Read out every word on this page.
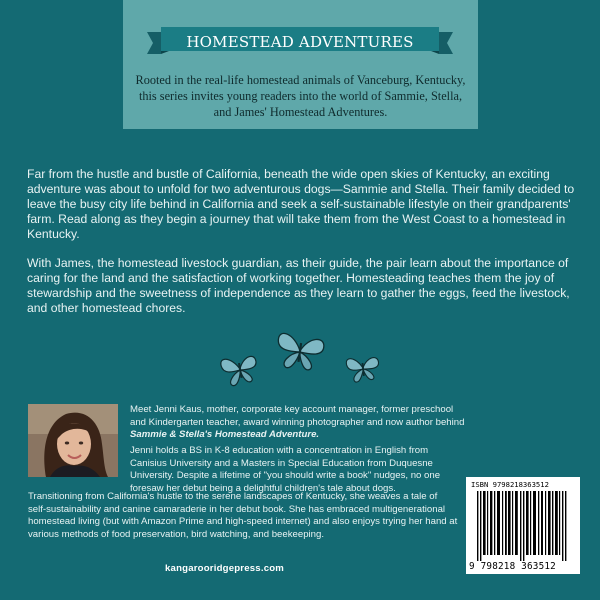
HOMESTEAD ADVENTURES
Rooted in the real-life homestead animals of Vanceburg, Kentucky, this series invites young readers into the world of Sammie, Stella, and James' Homestead Adventures.
Far from the hustle and bustle of California, beneath the wide open skies of Kentucky, an exciting adventure was about to unfold for two adventurous dogs—Sammie and Stella. Their family decided to leave the busy city life behind in California and seek a self-sustainable lifestyle on their grandparents' farm. Read along as they begin a journey that will take them from the West Coast to a homestead in Kentucky.
With James, the homestead livestock guardian, as their guide, the pair learn about the importance of caring for the land and the satisfaction of working together. Homesteading teaches them the joy of stewardship and the sweetness of independence as they learn to gather the eggs, feed the livestock, and other homestead chores.
Meet Jenni Kaus, mother, corporate key account manager, former preschool and Kindergarten teacher, award winning photographer and now author behind Sammie & Stella's Homestead Adventure.
Jenni holds a BS in K-8 education with a concentration in English from Canisius University and a Masters in Special Education from Duquesne University. Despite a lifetime of "you should write a book" nudges, no one foresaw her debut being a delightful children's tale about dogs.
Transitioning from California's hustle to the serene landscapes of Kentucky, she weaves a tale of self-sustainability and canine camaraderie in her debut book. She has embraced multigenerational homestead living (but with Amazon Prime and high-speed internet) and also enjoys trying her hand at various methods of food preservation, bird watching, and beekeeping.
kangarooridgepress.com
ISBN 9798218363512
9 798218 363512
